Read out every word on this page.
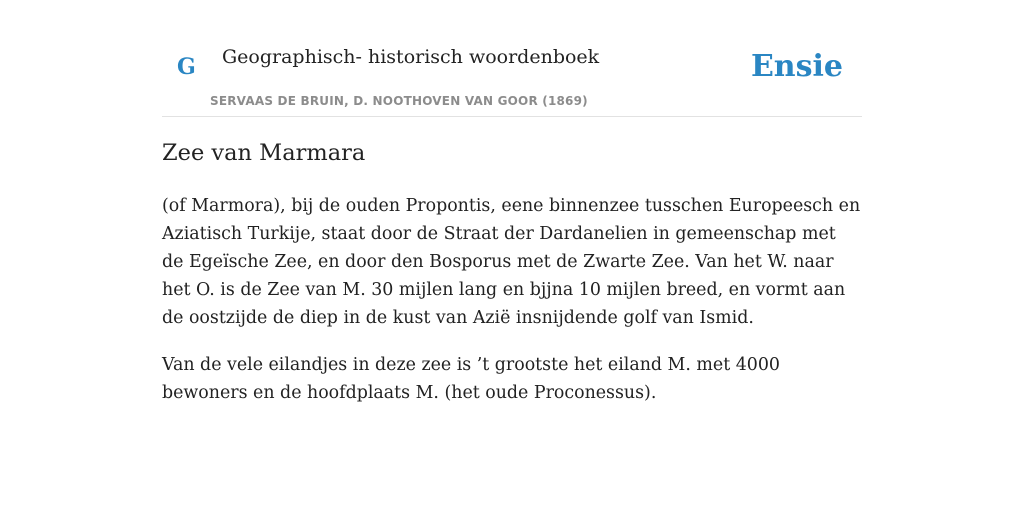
G Geographisch- historisch woordenboek
SERVAAS DE BRUIN, D. NOOTHOVEN VAN GOOR (1869)
Ensie
Zee van Marmara

(of Marmora), bij de ouden Propontis, eene binnenzee tusschen Europeesch en Aziatisch Turkije, staat door de Straat der Dardanelien in gemeenschap met de Egeïsche Zee, en door den Bosporus met de Zwarte Zee. Van het W. naar het O. is de Zee van M. 30 mijlen lang en bjjna 10 mijlen breed, en vormt aan de oostzijde de diep in de kust van Azië insnijdende golf van Ismid.

Van de vele eilandjes in deze zee is ’t grootste het eiland M. met 4000 bewoners en de hoofdplaats M. (het oude Proconessus).
